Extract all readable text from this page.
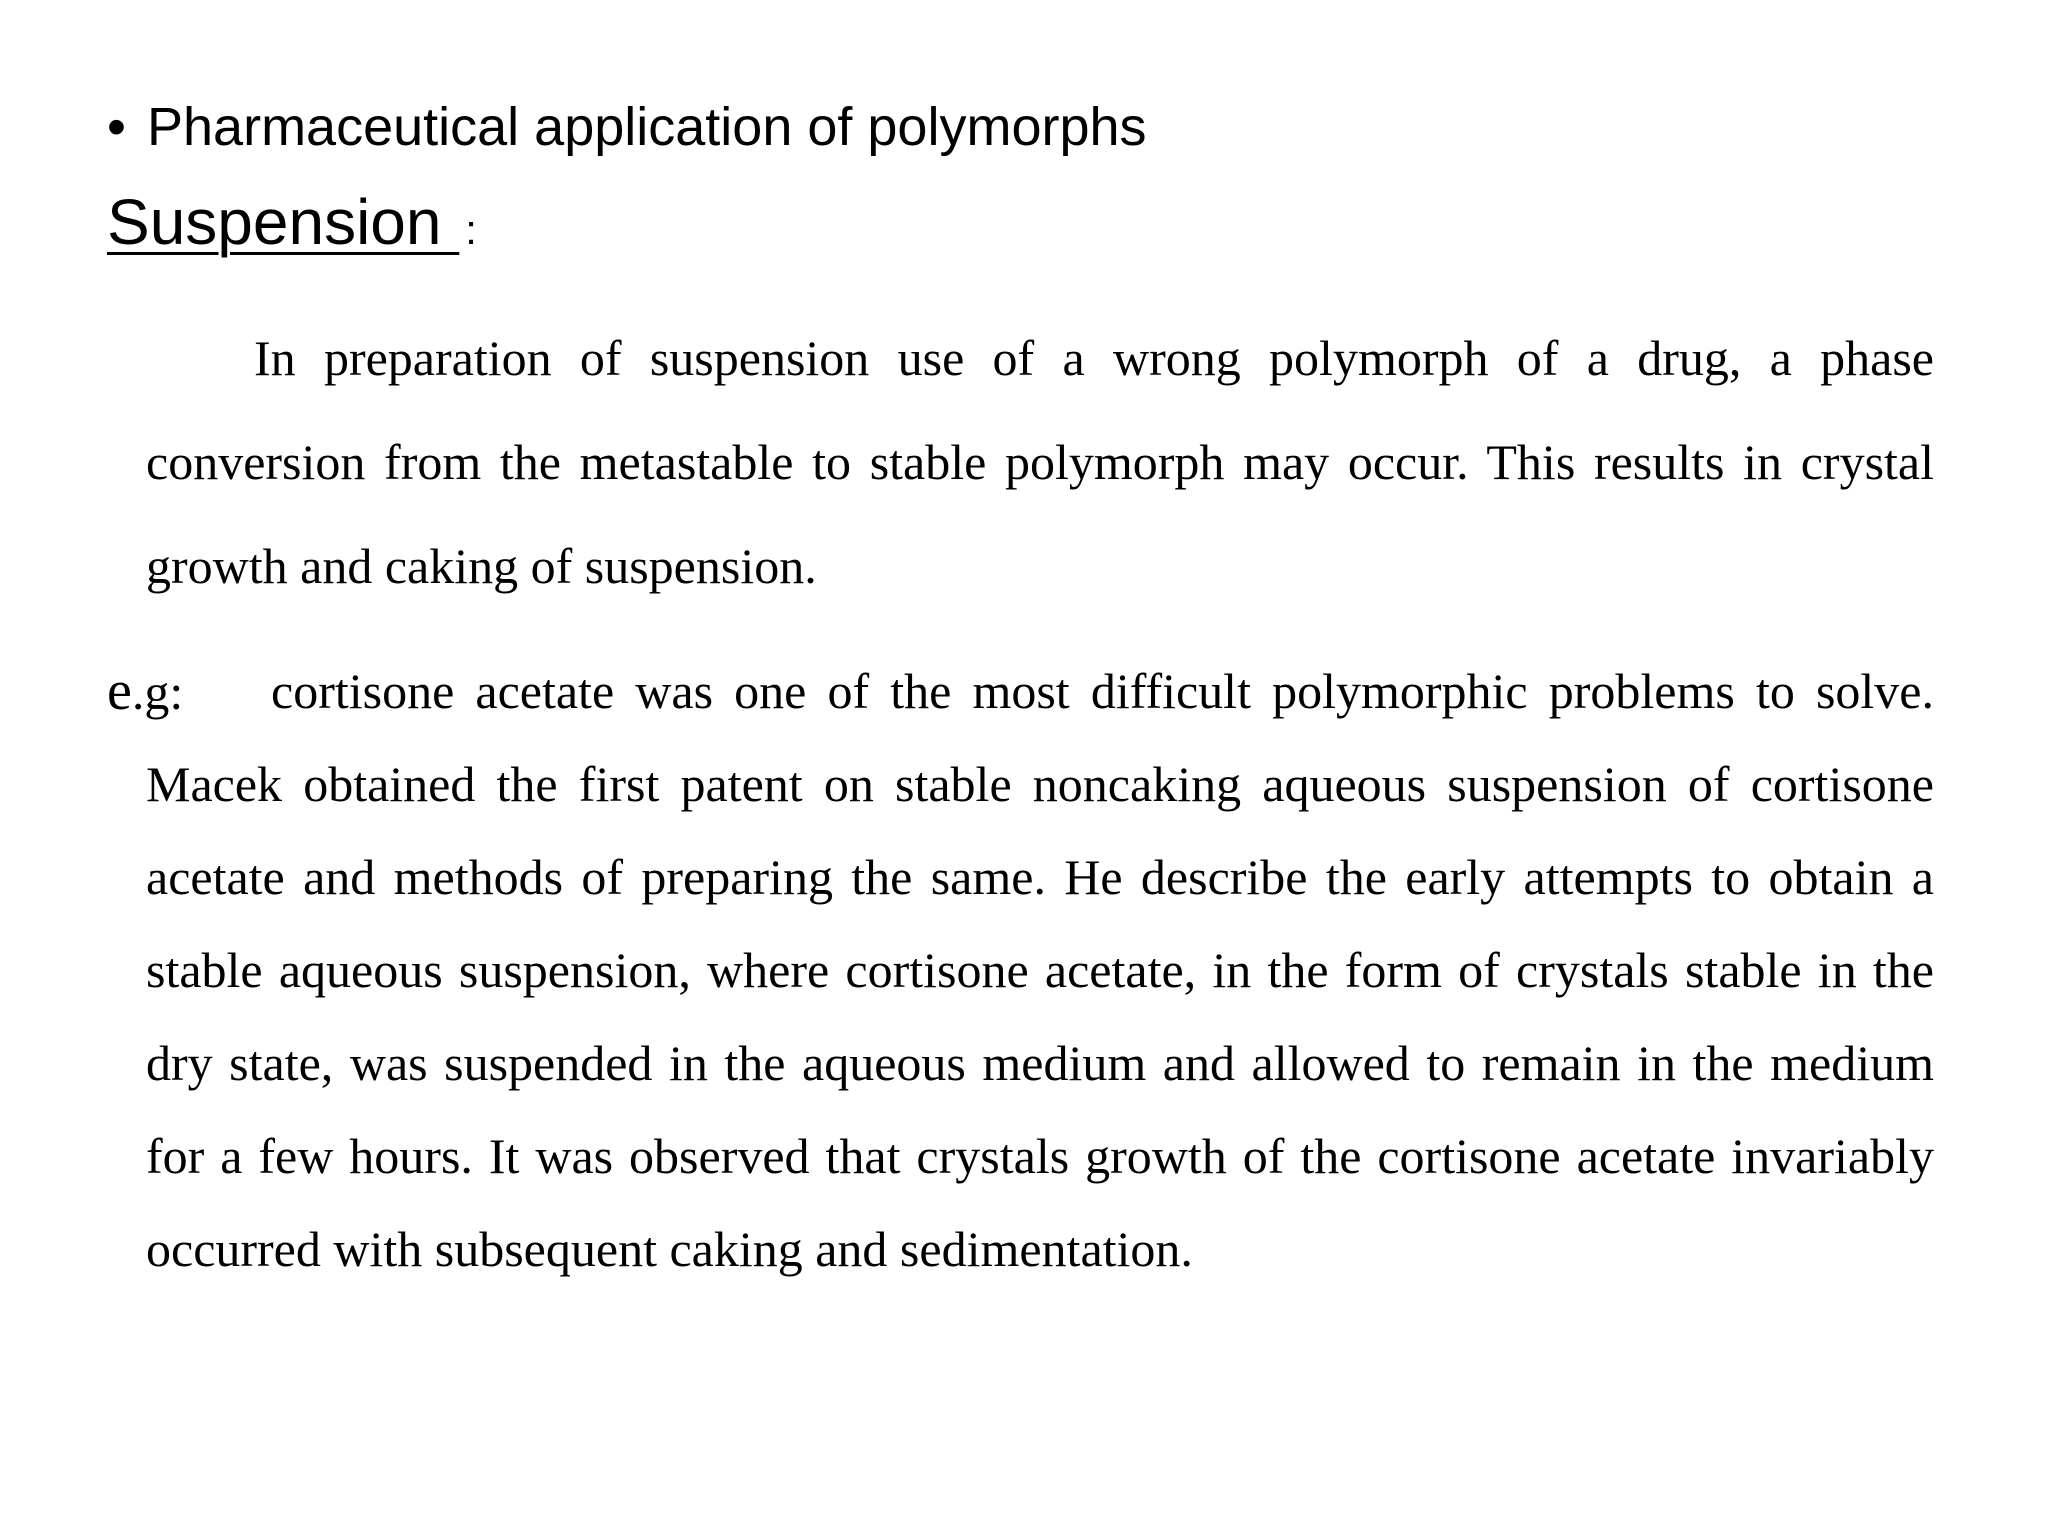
• Pharmaceutical application of polymorphs
Suspension :

In preparation of suspension use of a wrong polymorph of a drug, a phase conversion from the metastable to stable polymorph may occur. This results in crystal growth and caking of suspension.

e.g:	cortisone acetate was one of the most difficult polymorphic problems to solve. Macek obtained the first patent on stable noncaking aqueous suspension of cortisone acetate and methods of preparing the same. He describe the early attempts to obtain a stable aqueous suspension, where cortisone acetate, in the form of crystals stable in the dry state, was suspended in the aqueous medium and allowed to remain in the medium for a few hours. It was observed that crystals growth of the cortisone acetate invariably occurred with subsequent caking and sedimentation.
